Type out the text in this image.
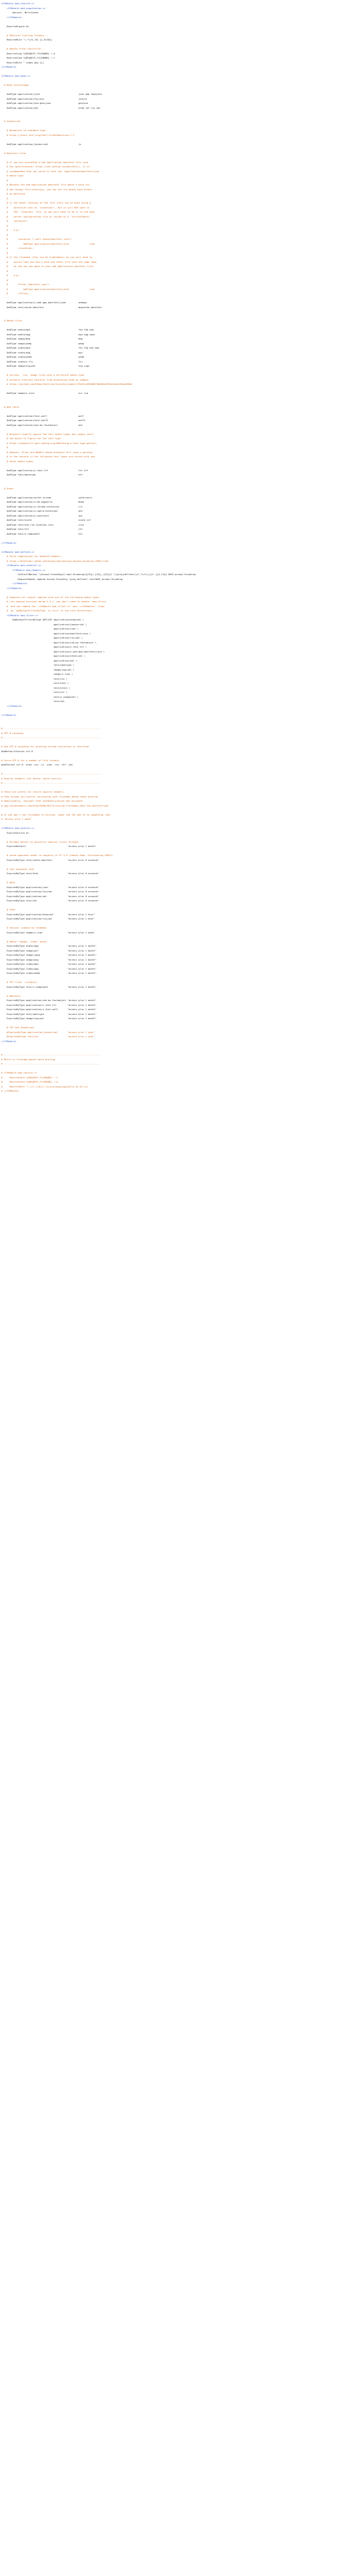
<IfModule mod_rewrite.c>
<IfModule mod_negotiation.c>
Options -MultiViews
</IfModule>
RewriteEngine On
# Redirect Trailing Slashes...
RewriteRule ^(.*)/$ /$1 [L,R=301]
# Handle Front Controller...
RewriteCond %{REQUEST_FILENAME} !-d
RewriteCond %{REQUEST_FILENAME} !-f
RewriteRule ^ index.php [L]
</IfModule>
<IfModule mod_mime.c>
# Data interchange
AddType application/json                            json map topojson
AddType application/ld+json                         jsonld
AddType application/vnd.geo+json                    geojson
AddType application/xml                             atom rdf rss xml
# JavaScript
# Normalize to standard type.
# https://tools.ietf.org/html/rfc4329#section-7.2
AddType application/javascript                      js
# Manifest files
# If you are providing a web application manifest file (see
# the specification: https://w3c.github.io/manifest/), it is
# recommended that you serve it with the `application/manifest+json`
# media type.
#
# Because the web application manifest file doesn't have its
# own unique file extension, you can set its media type either
# by matching:
#
# 1) the exact location of the file (this can be done using a
#    directive such as `<Location>`, but it will NOT work in
#    the `.htaccess` file, so you will have to do it in the main
#    server configuration file or inside of a `<VirtualHost>`
#    container)
#
#    e.g.:
#
#       <Location "/.well-known/manifest.json">
#           AddType application/manifest+json               json
#       </Location>
#
# 2) the filename (this can be problematic as you will need to
#    ensure that you don't have any other file with the same name
#    as the one you gave to your web application manifest file)
#
#    e.g.:
#
#       <Files "manifest.json">
#           AddType application/manifest+json               json
#       </Files>
AddType application/x-web-app-manifest+json         webapp
AddType text/cache-manifest                         appcache manifest
# Media files
AddType audio/mp4                                   f4a f4b m4a
AddType audio/ogg                                   oga ogg opus
AddType image/bmp                                   bmp
AddType image/webp                                  webp
AddType video/mp4                                   f4v f4p m4v mp4
AddType video/ogg                                   ogv
AddType video/webm                                  webm
AddType video/x-flv                                 flv
AddType image/svg+xml                               svg svgz
# Serving `.ico` image files with a different media type
# prevents Internet Explorer from displaying them as images:
# https://github.com/h5bp/html5-boilerplate/commit/37b5fec090d00f38de64b591bcddcb205aadf8ee
AddType image/x-icon                                cur ico
# Web fonts
AddType application/font-woff                       woff
AddType application/font-woff2                      woff2
AddType application/vnd.ms-fontobject               eot
# Browsers usually ignore the font media types and simply sniff
# the bytes to figure out the font type.
# https://mimesniff.spec.whatwg.org/#matching-a-font-type-pattern
#
# However, Blink and WebKit based browsers will show a warning
# in the console if the following font types are served with any
# other media types.
AddType application/x-font-ttf                      ttc ttf
AddType font/opentype                               otf
# Other
AddType application/octet-stream                    safariextz
AddType application/x-bb-appworld                   bbaw
AddType application/x-chrome-extension              crx
AddType application/x-opera-extension               oex
AddType application/x-xpinstall                     xpi
AddType text/vcard                                  vcard vcf
AddType text/vnd.rim.location.xloc                  xloc
AddType text/vtt                                    vtt
AddType text/x-component                            htc
</IfModule>
<IfModule mod_deflate.c>
# Force compression for mangled headers.
# https://developer.yahoo.com/blogs/ydn/pushing-beyond-gzipping-25601.html
<IfModule mod_setenvif.c>
<IfModule mod_headers.c>
SetEnvIfNoCase ^(Accept-EncodXng|X-cept-Encoding|X{15}|~{15}|-{15})$ ^((gzip|deflate)\s*,?\s*)+|[X~-]{4,13}$ HAVE_Accept-Encoding
RequestHeader append Accept-Encoding "gzip,deflate" env=HAVE_Accept-Encoding
</IfModule>
</IfModule>
# Compress all output labeled with one of the following media types
# (for Apache versions below 2.3.7, you don't need to enable `mod_filter`
#  and can remove the `<IfModule mod_filter.c>` and `</IfModule>` lines
#  as `AddOutputFilterByType` is still in the core directives).
<IfModule mod_filter.c>
AddOutputFilterByType DEFLATE application/atom+xml \
application/javascript \
application/json \
application/manifest+json \
application/rss+xml \
application/vnd.ms-fontobject \
application/x-font-ttf \
application/x-web-app-manifest+json \
application/xhtml+xml \
application/xml \
font/opentype \
image/svg+xml \
image/x-icon \
text/css \
text/html \
text/plain \
text/vtt \
text/x-component \
text/xml
</IfModule>
</IfModule>
# ----------------------------------------------------------------------
# UTF-8 encoding
# ----------------------------------------------------------------------
# Use UTF-8 encoding for anything served text/plain or text/html
AddDefaultCharset utf-8
# Force UTF-8 for a number of file formats
AddCharset utf-8 .atom .css .js .json .rss .vtt .xml
# ----------------------------------------------------------------------
# Expires headers (for better cache control)
# ----------------------------------------------------------------------
# These are pretty far-future expires headers.
# They assume you control versioning with filename-based cache busting
# Additionally, consider that outdated proxies may miscache
# www.stevesouders.com/blog/2008/08/23/revving-filenames-dont-use-querystring/
# If you don't use filenames to version, lower the CSS and JS to something like
# "access plus 1 week".
<IfModule mod_expires.c>
ExpiresActive on
# Perhaps better to whitelist expires rules? Perhaps.
ExpiresDefault                              "access plus 1 month"
# cache.appcache needs re-requests in FF 3.6 (thanks Remy ~Introducing HTML5)
ExpiresByType text/cache-manifest           "access plus 0 seconds"
# Your document html
ExpiresByType text/html                     "access plus 0 seconds"
# Data
ExpiresByType application/json              "access plus 0 seconds"
ExpiresByType application/ld+json           "access plus 0 seconds"
ExpiresByType application/xml               "access plus 0 seconds"
ExpiresByType text/xml                      "access plus 0 seconds"
# Feed
ExpiresByType application/atom+xml          "access plus 1 hour"
ExpiresByType application/rss+xml           "access plus 1 hour"
# Favicon (cannot be renamed)
ExpiresByType image/x-icon                  "access plus 1 week"
# Media: images, video, audio
ExpiresByType audio/ogg                     "access plus 1 month"
ExpiresByType image/gif                     "access plus 1 month"
ExpiresByType image/jpeg                    "access plus 1 month"
ExpiresByType image/png                     "access plus 1 month"
ExpiresByType video/mp4                     "access plus 1 month"
ExpiresByType video/ogg                     "access plus 1 month"
ExpiresByType video/webm                    "access plus 1 month"
# HTC files  (css3pie)
ExpiresByType text/x-component              "access plus 1 month"
# Webfonts
ExpiresByType application/vnd.ms-fontobject "access plus 1 month"
ExpiresByType application/x-font-ttf        "access plus 1 month"
ExpiresByType application/x-font-woff       "access plus 1 month"
ExpiresByType font/opentype                 "access plus 1 month"
ExpiresByType image/svg+xml                 "access plus 1 month"
# CSS and JavaScript
#ExpiresByType application/javascript       "access plus 1 year"
#ExpiresByType text/css                     "access plus 1 year"
</IfModule>
# ----------------------------------------------------------------------
# Built-in filename-based cache busting
# ----------------------------------------------------------------------
# <IfModule mod_rewrite.c>
#     RewriteCond %{REQUEST_FILENAME} !-f
#     RewriteCond %{REQUEST_FILENAME} !-d
#     RewriteRule ^(.+)\.(\d+)\.(js|css|png|jpg|gif)$ $1.$3 [L]
# </IfModule>
